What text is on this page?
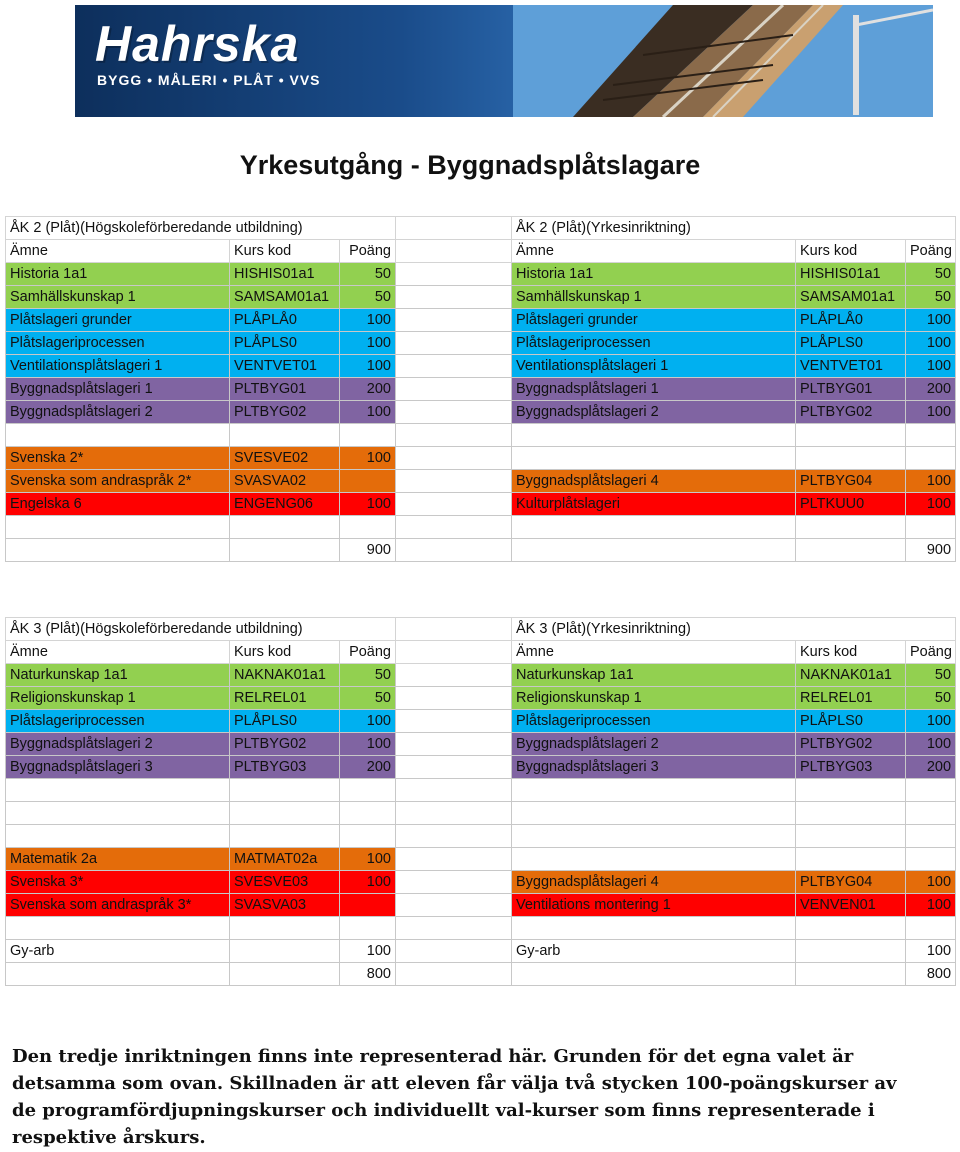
Hahrska
BYGG • MÅLERI • PLÅT • VVS
Yrkesutgång - Byggnadsplåtslagare
ÅK 2 (Plåt)(Högskoleförberedande utbildning)				ÅK 2 (Plåt)(Yrkesinriktning)		
Ämne	Kurs kod	Poäng		Ämne	Kurs kod	Poäng
Historia 1a1	HISHIS01a1	50		Historia 1a1	HISHIS01a1	50
Samhällskunskap 1	SAMSAM01a1	50		Samhällskunskap 1	SAMSAM01a1	50
Plåtslageri grunder	PLÅPLÅ0	100		Plåtslageri grunder	PLÅPLÅ0	100
Plåtslageriprocessen	PLÅPLS0	100		Plåtslageriprocessen	PLÅPLS0	100
Ventilationsplåtslageri 1	VENTVET01	100		Ventilationsplåtslageri 1	VENTVET01	100
Byggnadsplåtslageri 1	PLTBYG01	200		Byggnadsplåtslageri 1	PLTBYG01	200
Byggnadsplåtslageri 2	PLTBYG02	100		Byggnadsplåtslageri 2	PLTBYG02	100

Svenska 2*	SVESVE02	100				
Svenska som andraspråk 2*	SVASVA02			Byggnadsplåtslageri 4	PLTBYG04	100
Engelska 6	ENGENG06	100		Kulturplåtslageri	PLTKUU0	100

		900				900
ÅK 3 (Plåt)(Högskoleförberedande utbildning)				ÅK 3 (Plåt)(Yrkesinriktning)		
Ämne	Kurs kod	Poäng		Ämne	Kurs kod	Poäng
Naturkunskap 1a1	NAKNAK01a1	50		Naturkunskap 1a1	NAKNAK01a1	50
Religionskunskap 1	RELREL01	50		Religionskunskap 1	RELREL01	50
Plåtslageriprocessen	PLÅPLS0	100		Plåtslageriprocessen	PLÅPLS0	100
Byggnadsplåtslageri 2	PLTBYG02	100		Byggnadsplåtslageri 2	PLTBYG02	100
Byggnadsplåtslageri 3	PLTBYG03	200		Byggnadsplåtslageri 3	PLTBYG03	200

Matematik 2a	MATMAT02a	100				
Svenska 3*	SVESVE03	100		Byggnadsplåtslageri 4	PLTBYG04	100
Svenska som andraspråk 3*	SVASVA03			Ventilations montering 1	VENVEN01	100

Gy-arb		100		Gy-arb		100
		800				800
Den tredje inriktningen finns inte representerad här. Grunden för det egna valet är detsamma som ovan. Skillnaden är att eleven får välja två stycken 100-poängskurser av de programfördjupningskurser och individuellt val-kurser som finns representerade i respektive årskurs.
